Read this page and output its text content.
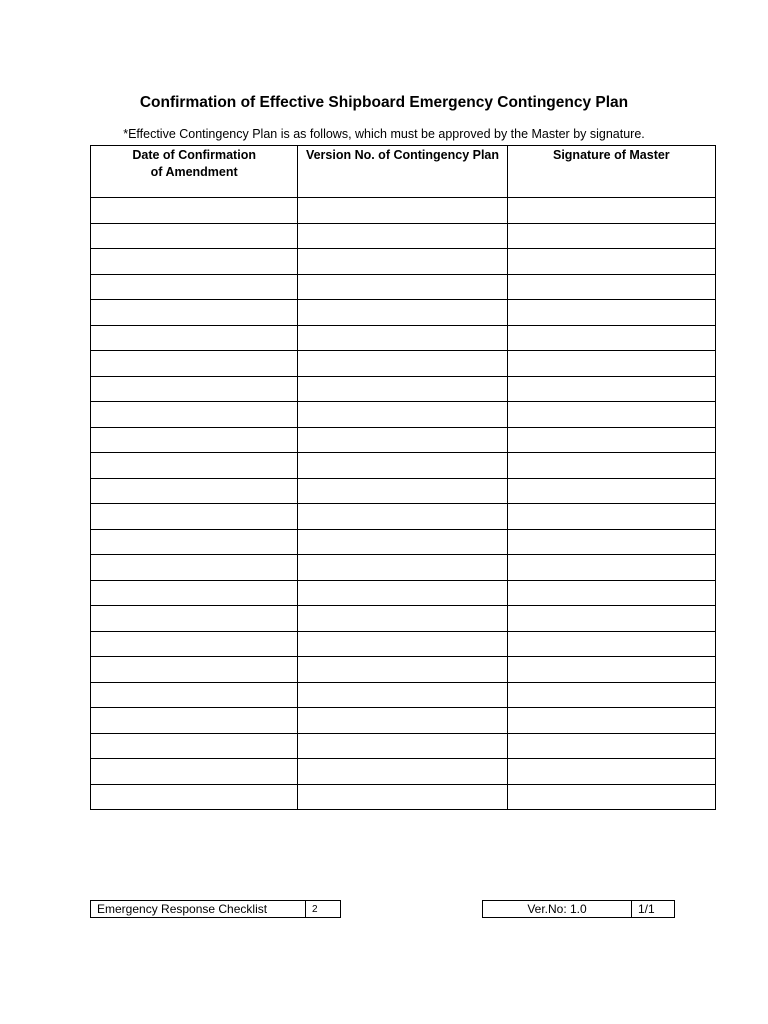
Confirmation of Effective Shipboard Emergency Contingency Plan
*Effective Contingency Plan is as follows, which must be approved by the Master by signature.
Date of Confirmation of Amendment	Version No. of Contingency Plan	Signature of Master

Emergency Response Checklist	2	Ver.No: 1.0	1/1
